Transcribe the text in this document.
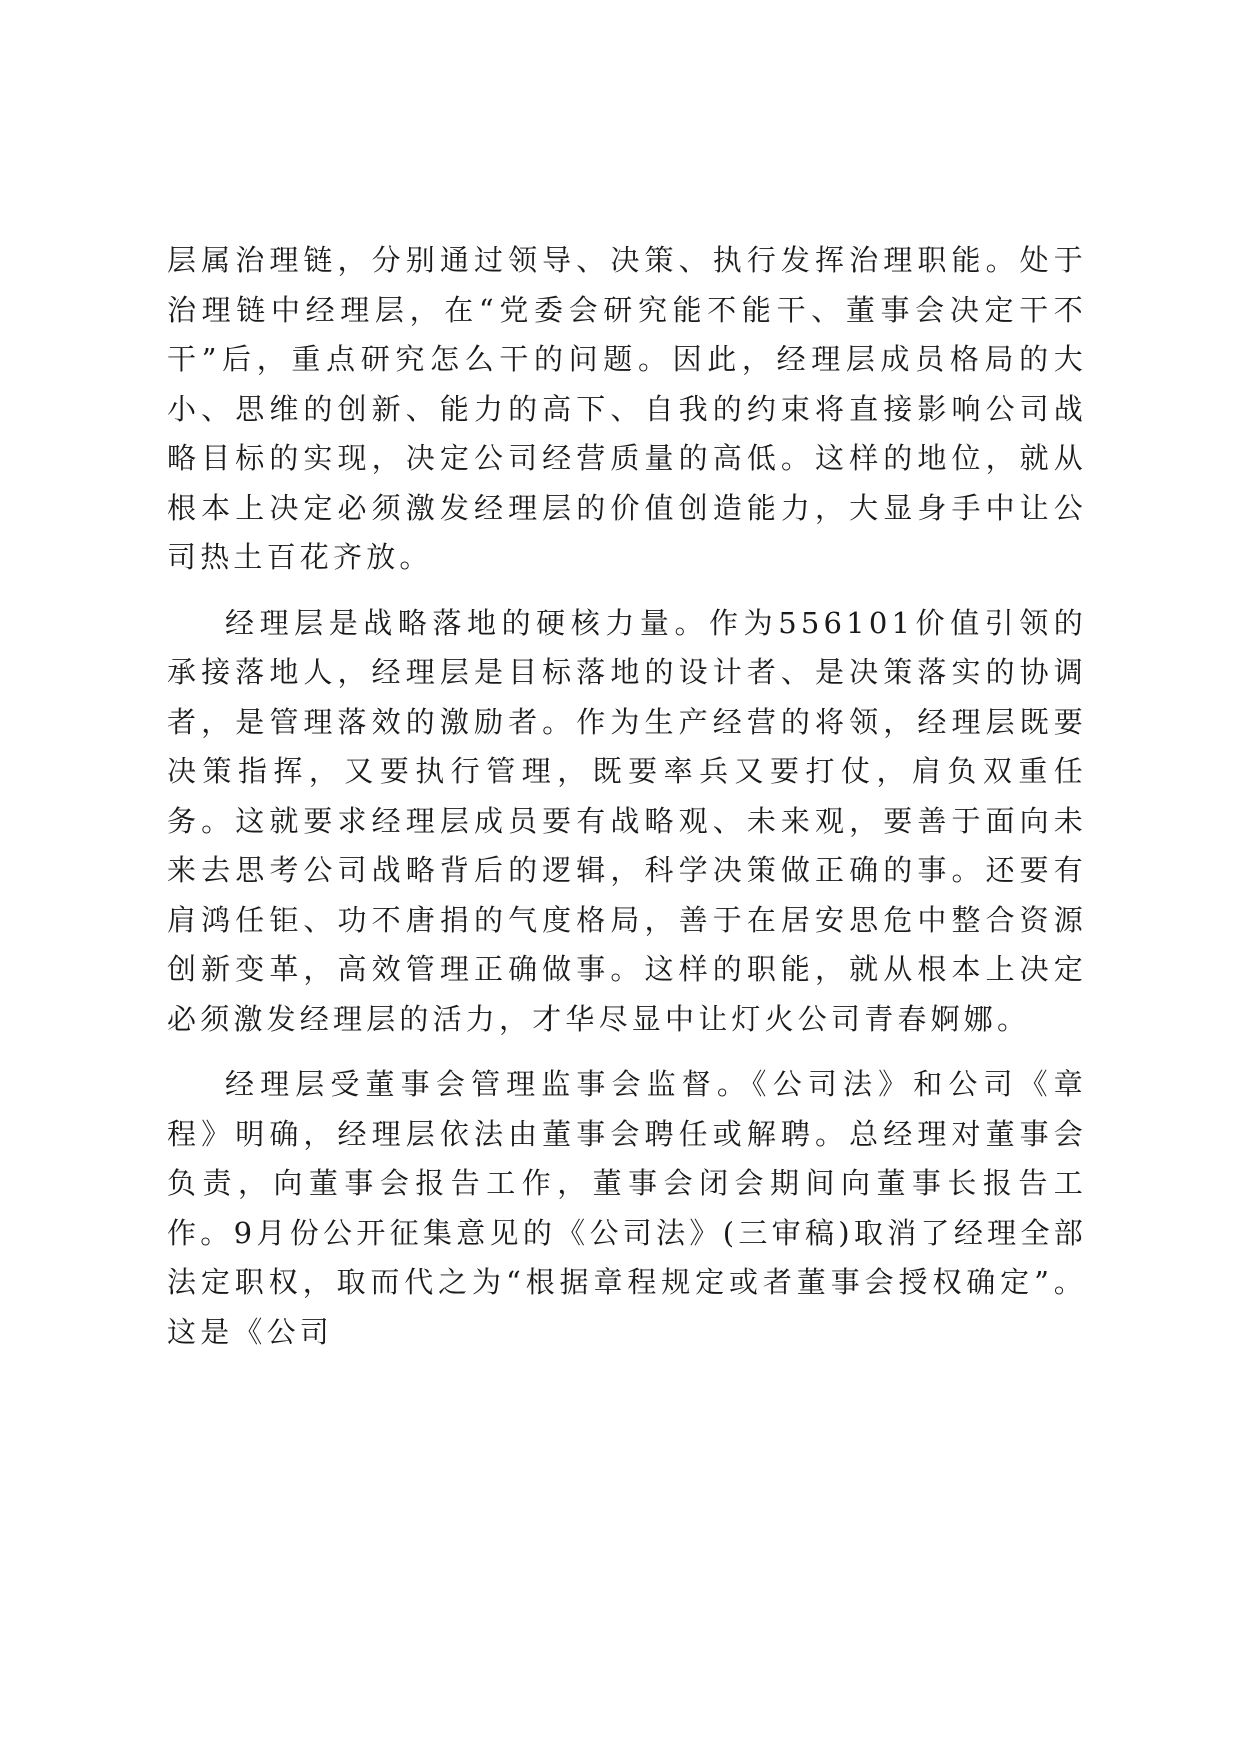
层属治理链，分别通过领导、决策、执行发挥治理职能。处于治理链中经理层，在“党委会研究能不能干、董事会决定干不干”后，重点研究怎么干的问题。因此，经理层成员格局的大小、思维的创新、能力的高下、自我的约束将直接影响公司战略目标的实现，决定公司经营质量的高低。这样的地位，就从根本上决定必须激发经理层的价值创造能力，大显身手中让公司热土百花齐放。

经理层是战略落地的硬核力量。作为556101价值引领的承接落地人，经理层是目标落地的设计者、是决策落实的协调者，是管理落效的激励者。作为生产经营的将领，经理层既要决策指挥，又要执行管理，既要率兵又要打仗，肩负双重任务。这就要求经理层成员要有战略观、未来观，要善于面向未来去思考公司战略背后的逻辑，科学决策做正确的事。还要有肩鸿任钜、功不唐捐的气度格局，善于在居安思危中整合资源创新变革，高效管理正确做事。这样的职能，就从根本上决定必须激发经理层的活力，才华尽显中让灯火公司青春婀娜。

经理层受董事会管理监事会监督。《公司法》和公司《章程》明确，经理层依法由董事会聘任或解聘。总经理对董事会负责，向董事会报告工作，董事会闭会期间向董事长报告工作。9月份公开征集意见的《公司法》(三审稿)取消了经理全部法定职权，取而代之为“根据章程规定或者董事会授权确定”。这是《公司
